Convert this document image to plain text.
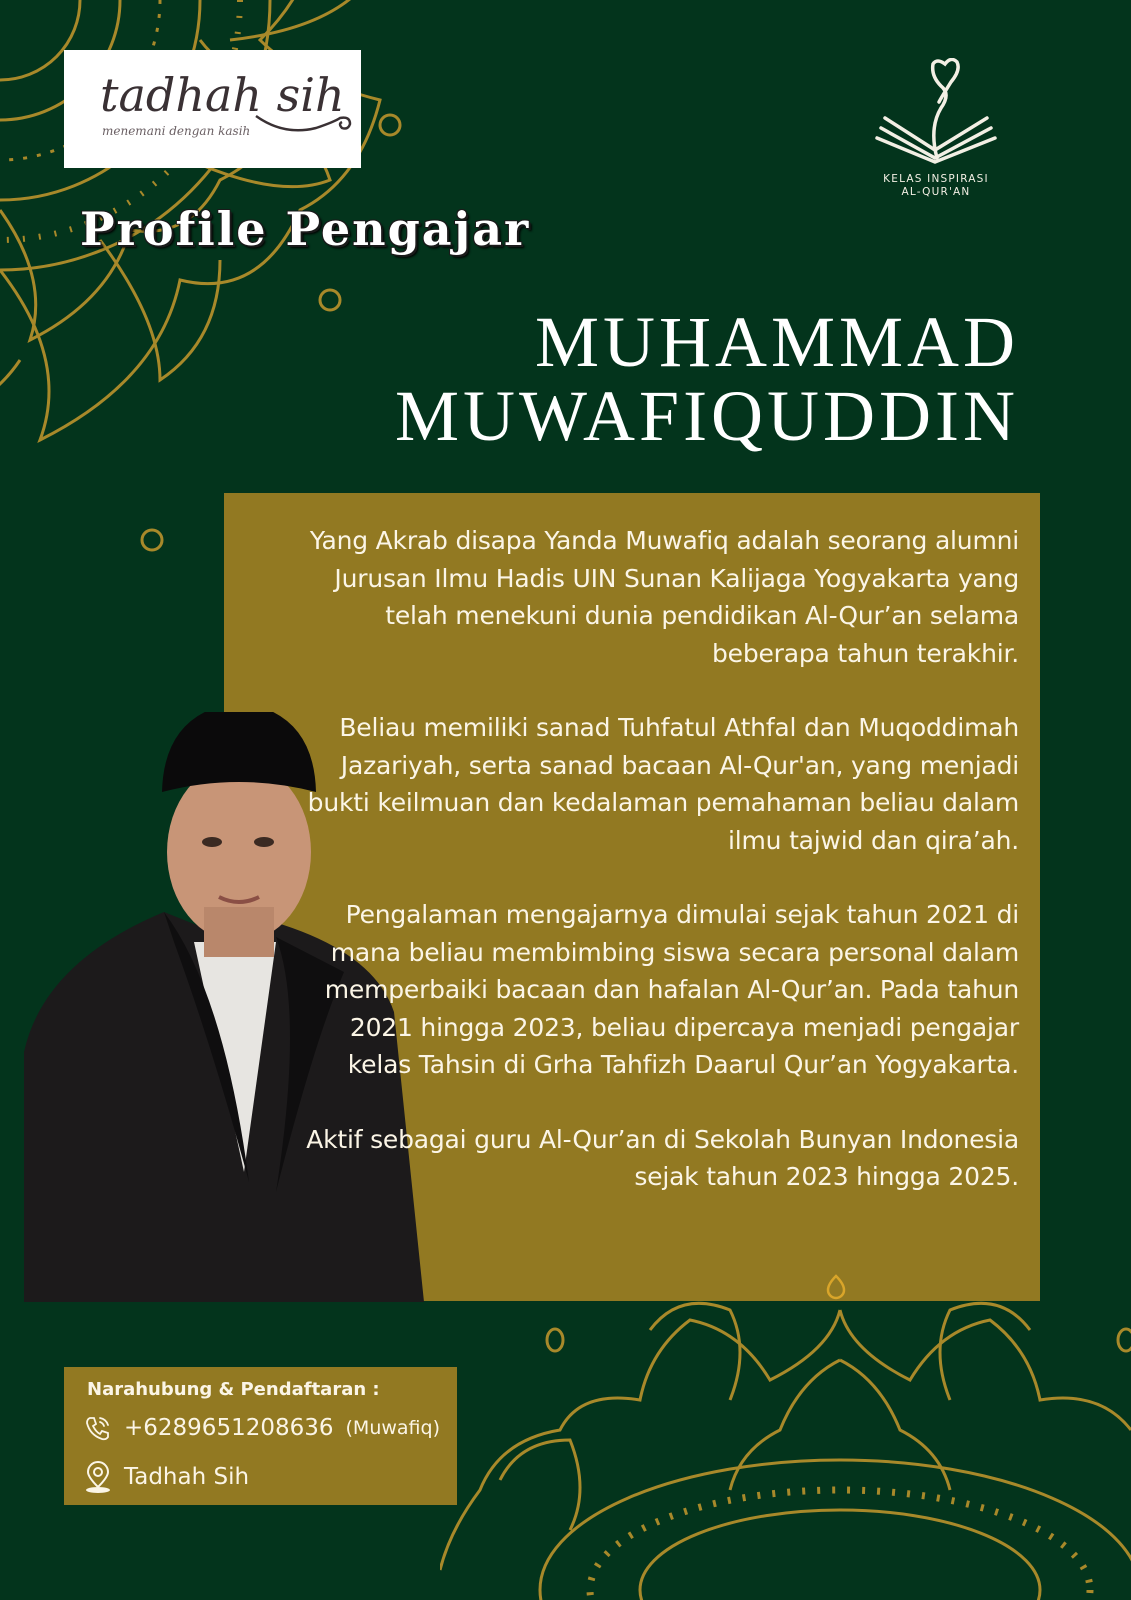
tadhah sih
menemani dengan kasih
KELAS INSPIRASI
AL-QUR'AN
Profile Pengajar
MUHAMMAD
MUWAFIQUDDIN

Yang Akrab disapa Yanda Muwafiq adalah seorang alumni Jurusan Ilmu Hadis UIN Sunan Kalijaga Yogyakarta yang telah menekuni dunia pendidikan Al-Qur’an selama beberapa tahun terakhir.

Beliau memiliki sanad Tuhfatul Athfal dan Muqoddimah Jazariyah, serta sanad bacaan Al-Qur'an, yang menjadi bukti keilmuan dan kedalaman pemahaman beliau dalam ilmu tajwid dan qira’ah.

Pengalaman mengajarnya dimulai sejak tahun 2021 di mana beliau membimbing siswa secara personal dalam memperbaiki bacaan dan hafalan Al-Qur’an. Pada tahun 2021 hingga 2023, beliau dipercaya menjadi pengajar kelas Tahsin di Grha Tahfizh Daarul Qur’an Yogyakarta.

Aktif sebagai guru Al-Qur’an di Sekolah Bunyan Indonesia sejak tahun 2023 hingga 2025.

Narahubung & Pendaftaran :
+6289651208636 (Muwafiq)
Tadhah Sih
